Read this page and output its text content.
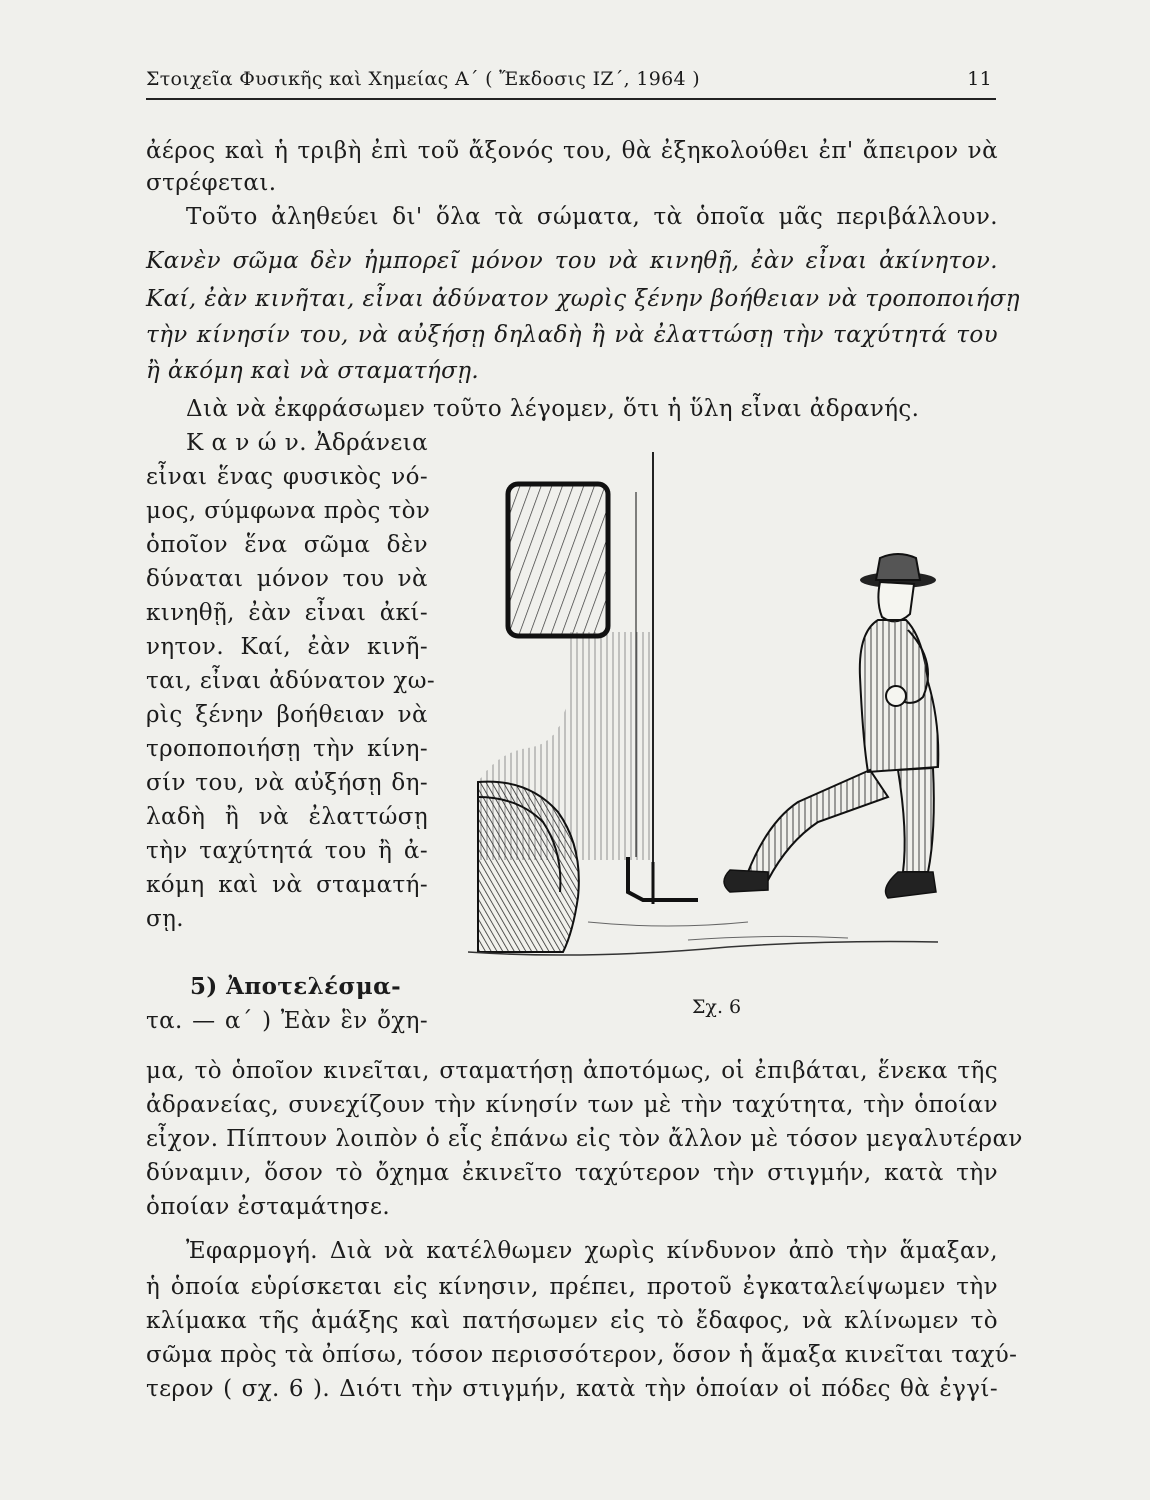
Στοιχεῖα Φυσικῆς καὶ Χημείας Α΄ ( Ἔκδοσις ΙΖ΄, 1964 )	11
ἀέρος καὶ ἡ τριβὴ ἐπὶ τοῦ ἄξονός του, θὰ ἐξηκολούθει ἐπ' ἄπειρον νὰ
στρέφεται.
Τοῦτο ἀληθεύει δι' ὅλα τὰ σώματα, τὰ ὁποῖα μᾶς περιβάλλουν.
Κανὲν σῶμα δὲν ἠμπορεῖ μόνον του νὰ κινηθῇ, ἐὰν εἶναι ἀκίνητον.
Καί, ἐὰν κινῆται, εἶναι ἀδύνατον χωρὶς ξένην βοήθειαν νὰ τροποποιήσῃ
τὴν κίνησίν του, νὰ αὐξήσῃ δηλαδὴ ἢ νὰ ἐλαττώσῃ τὴν ταχύτητά του
ἢ ἀκόμη καὶ νὰ σταματήσῃ.
Διὰ νὰ ἐκφράσωμεν τοῦτο λέγομεν, ὅτι ἡ ὕλη εἶναι ἀδρανής.
Κ α ν ώ ν. Ἀδράνεια
εἶναι ἕνας φυσικὸς νό-
μος, σύμφωνα πρὸς τὸν
ὁποῖον ἕνα σῶμα δὲν
δύναται μόνον του νὰ
κινηθῇ, ἐὰν εἶναι ἀκί-
νητον. Καί, ἐὰν κινῆ-
ται, εἶναι ἀδύνατον χω-
ρὶς ξένην βοήθειαν νὰ
τροποποιήσῃ τὴν κίνη-
σίν του, νὰ αὐξήσῃ δη-
λαδὴ ἢ νὰ ἐλαττώσῃ
τὴν ταχύτητά του ἢ ἀ-
κόμη καὶ νὰ σταματή-
σῃ.
5) Ἀποτελέσμα-
τα. — α΄ ) Ἐὰν ἓν ὄχη-
μα, τὸ ὁποῖον κινεῖται, σταματήσῃ ἀποτόμως, οἱ ἐπιβάται, ἕνεκα τῆς
ἀδρανείας, συνεχίζουν τὴν κίνησίν των μὲ τὴν ταχύτητα, τὴν ὁποίαν
εἶχον. Πίπτουν λοιπὸν ὁ εἷς ἐπάνω εἰς τὸν ἄλλον μὲ τόσον μεγαλυτέραν
δύναμιν, ὅσον τὸ ὄχημα ἐκινεῖτο ταχύτερον τὴν στιγμήν, κατὰ τὴν
ὁποίαν ἐσταμάτησε.
Ἐφαρμογή. Διὰ νὰ κατέλθωμεν χωρὶς κίνδυνον ἀπὸ τὴν ἅμαξαν,
ἡ ὁποία εὑρίσκεται εἰς κίνησιν, πρέπει, προτοῦ ἐγκαταλείψωμεν τὴν
κλίμακα τῆς ἁμάξης καὶ πατήσωμεν εἰς τὸ ἔδαφος, νὰ κλίνωμεν τὸ
σῶμα πρὸς τὰ ὀπίσω, τόσον περισσότερον, ὅσον ἡ ἅμαξα κινεῖται ταχύ-
τερον ( σχ. 6 ). Διότι τὴν στιγμήν, κατὰ τὴν ὁποίαν οἱ πόδες θὰ ἐγγί-
Σχ. 6
